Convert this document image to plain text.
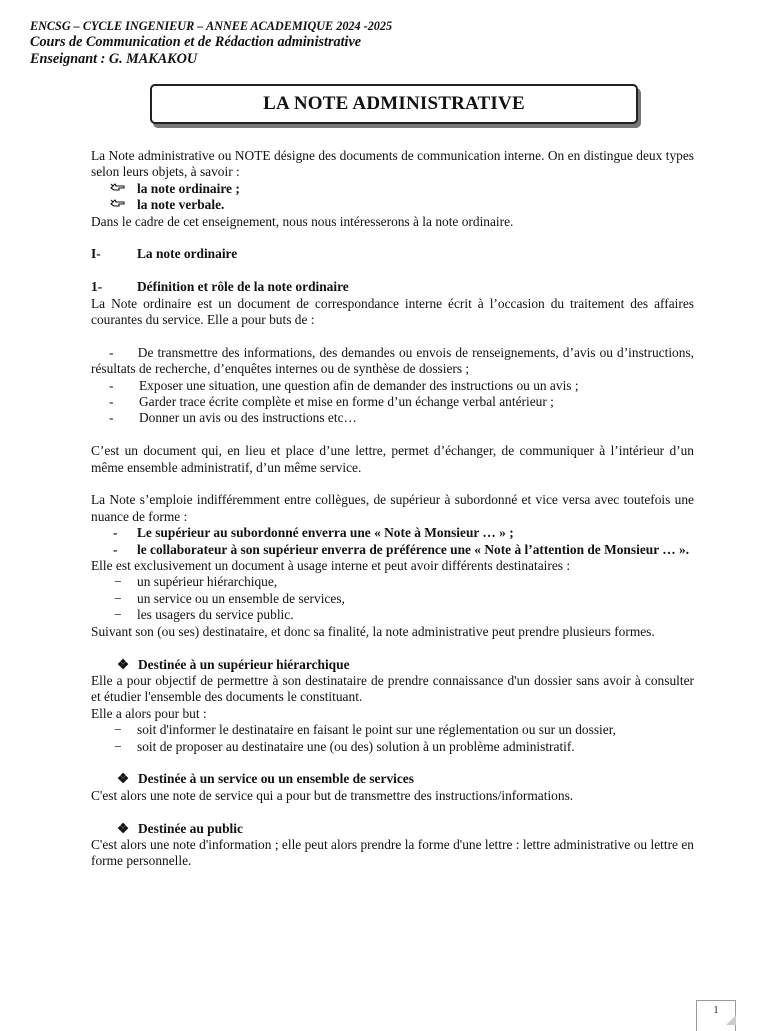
ENCSG – CYCLE INGENIEUR – ANNEE ACADEMIQUE 2024 -2025
Cours de Communication et de Rédaction administrative
Enseignant : G. MAKAKOU
LA NOTE ADMINISTRATIVE

La Note administrative ou NOTE désigne des documents de communication interne. On en distingue deux types selon leurs objets, à savoir :

la note ordinaire ;
la note verbale.

Dans le cadre de cet enseignement, nous nous intéresserons à la note ordinaire.

I-	La note ordinaire
1-	Définition et rôle de la note ordinaire

La Note ordinaire est un document de correspondance interne écrit à l’occasion du traitement des affaires courantes du service. Elle a pour buts de :

-      De transmettre des informations, des demandes ou envois de renseignements, d’avis ou d’instructions, résultats de recherche, d’enquêtes internes ou de synthèse de dossiers ;

-	Exposer une situation, une question afin de demander des instructions ou un avis ;
-	Garder trace écrite complète et mise en forme d’un échange verbal antérieur ;
-	Donner un avis ou des instructions etc…

C’est un document qui, en lieu et place d’une lettre, permet d’échanger, de communiquer à l’intérieur d’un même ensemble administratif, d’un même service.

La Note s’emploie indifféremment entre collègues, de supérieur à subordonné et vice versa avec toutefois une nuance de forme :

-	Le supérieur au subordonné enverra une « Note à Monsieur … » ;
-	le collaborateur à son supérieur enverra de préférence une « Note à l’attention de Monsieur … ».

Elle est exclusivement un document à usage interne et peut avoir différents destinataires :

−	un supérieur hiérarchique,
−	un service ou un ensemble de services,
−	les usagers du service public.

Suivant son (ou ses) destinataire, et donc sa finalité, la note administrative peut prendre plusieurs formes.

❖ Destinée à un supérieur hiérarchique

Elle a pour objectif de permettre à son destinataire de prendre connaissance d'un dossier sans avoir à consulter et étudier l'ensemble des documents le constituant.

Elle a alors pour but :

−	soit d'informer le destinataire en faisant le point sur une réglementation ou sur un dossier,
−	soit de proposer au destinataire une (ou des) solution à un problème administratif.
❖ Destinée à un service ou un ensemble de services

C'est alors une note de service qui a pour but de transmettre des instructions/informations.

❖ Destinée au public

C'est alors une note d'information ; elle peut alors prendre la forme d'une lettre : lettre administrative ou lettre en forme personnelle.

1
